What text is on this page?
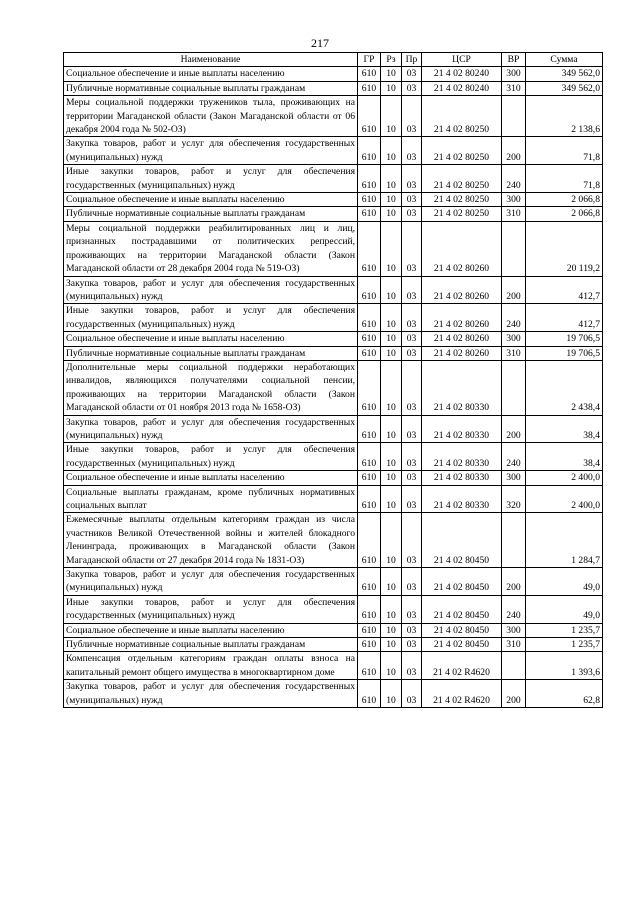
217
Наименование	ГР	Рз	Пр	ЦСР	ВР	Сумма
Социальное обеспечение и иные выплаты населению	610	10	03	21 4 02 80240	300	349 562,0
Публичные нормативные социальные выплаты гражданам	610	10	03	21 4 02 80240	310	349 562,0
Меры социальной поддержки тружеников тыла, проживающих на территории Магаданской области (Закон Магаданской области от 06 декабря 2004 года № 502-ОЗ)	610	10	03	21 4 02 80250		2 138,6
Закупка товаров, работ и услуг для обеспечения государственных (муниципальных) нужд	610	10	03	21 4 02 80250	200	71,8
Иные закупки товаров, работ и услуг для обеспечения государственных (муниципальных) нужд	610	10	03	21 4 02 80250	240	71,8
Социальное обеспечение и иные выплаты населению	610	10	03	21 4 02 80250	300	2 066,8
Публичные нормативные социальные выплаты гражданам	610	10	03	21 4 02 80250	310	2 066,8
Меры социальной поддержки реабилитированных лиц и лиц, признанных пострадавшими от политических репрессий, проживающих на территории Магаданской области (Закон Магаданской области от 28 декабря 2004 года № 519-ОЗ)	610	10	03	21 4 02 80260		20 119,2
Закупка товаров, работ и услуг для обеспечения государственных (муниципальных) нужд	610	10	03	21 4 02 80260	200	412,7
Иные закупки товаров, работ и услуг для обеспечения государственных (муниципальных) нужд	610	10	03	21 4 02 80260	240	412,7
Социальное обеспечение и иные выплаты населению	610	10	03	21 4 02 80260	300	19 706,5
Публичные нормативные социальные выплаты гражданам	610	10	03	21 4 02 80260	310	19 706,5
Дополнительные меры социальной поддержки неработающих инвалидов, являющихся получателями социальной пенсии, проживающих на территории Магаданской области (Закон Магаданской области от 01 ноября 2013 года № 1658-ОЗ)	610	10	03	21 4 02 80330		2 438,4
Закупка товаров, работ и услуг для обеспечения государственных (муниципальных) нужд	610	10	03	21 4 02 80330	200	38,4
Иные закупки товаров, работ и услуг для обеспечения государственных (муниципальных) нужд	610	10	03	21 4 02 80330	240	38,4
Социальное обеспечение и иные выплаты населению	610	10	03	21 4 02 80330	300	2 400,0
Социальные выплаты гражданам, кроме публичных нормативных социальных выплат	610	10	03	21 4 02 80330	320	2 400,0
Ежемесячные выплаты отдельным категориям граждан из числа участников Великой Отечественной войны и жителей блокадного Ленинграда, проживающих в Магаданской области (Закон Магаданской области от 27 декабря 2014 года № 1831-ОЗ)	610	10	03	21 4 02 80450		1 284,7
Закупка товаров, работ и услуг для обеспечения государственных (муниципальных) нужд	610	10	03	21 4 02 80450	200	49,0
Иные закупки товаров, работ и услуг для обеспечения государственных (муниципальных) нужд	610	10	03	21 4 02 80450	240	49,0
Социальное обеспечение и иные выплаты населению	610	10	03	21 4 02 80450	300	1 235,7
Публичные нормативные социальные выплаты гражданам	610	10	03	21 4 02 80450	310	1 235,7
Компенсация отдельным категориям граждан оплаты взноса на капитальный ремонт общего имущества в многоквартирном доме	610	10	03	21 4 02 R4620		1 393,6
Закупка товаров, работ и услуг для обеспечения государственных (муниципальных) нужд	610	10	03	21 4 02 R4620	200	62,8
